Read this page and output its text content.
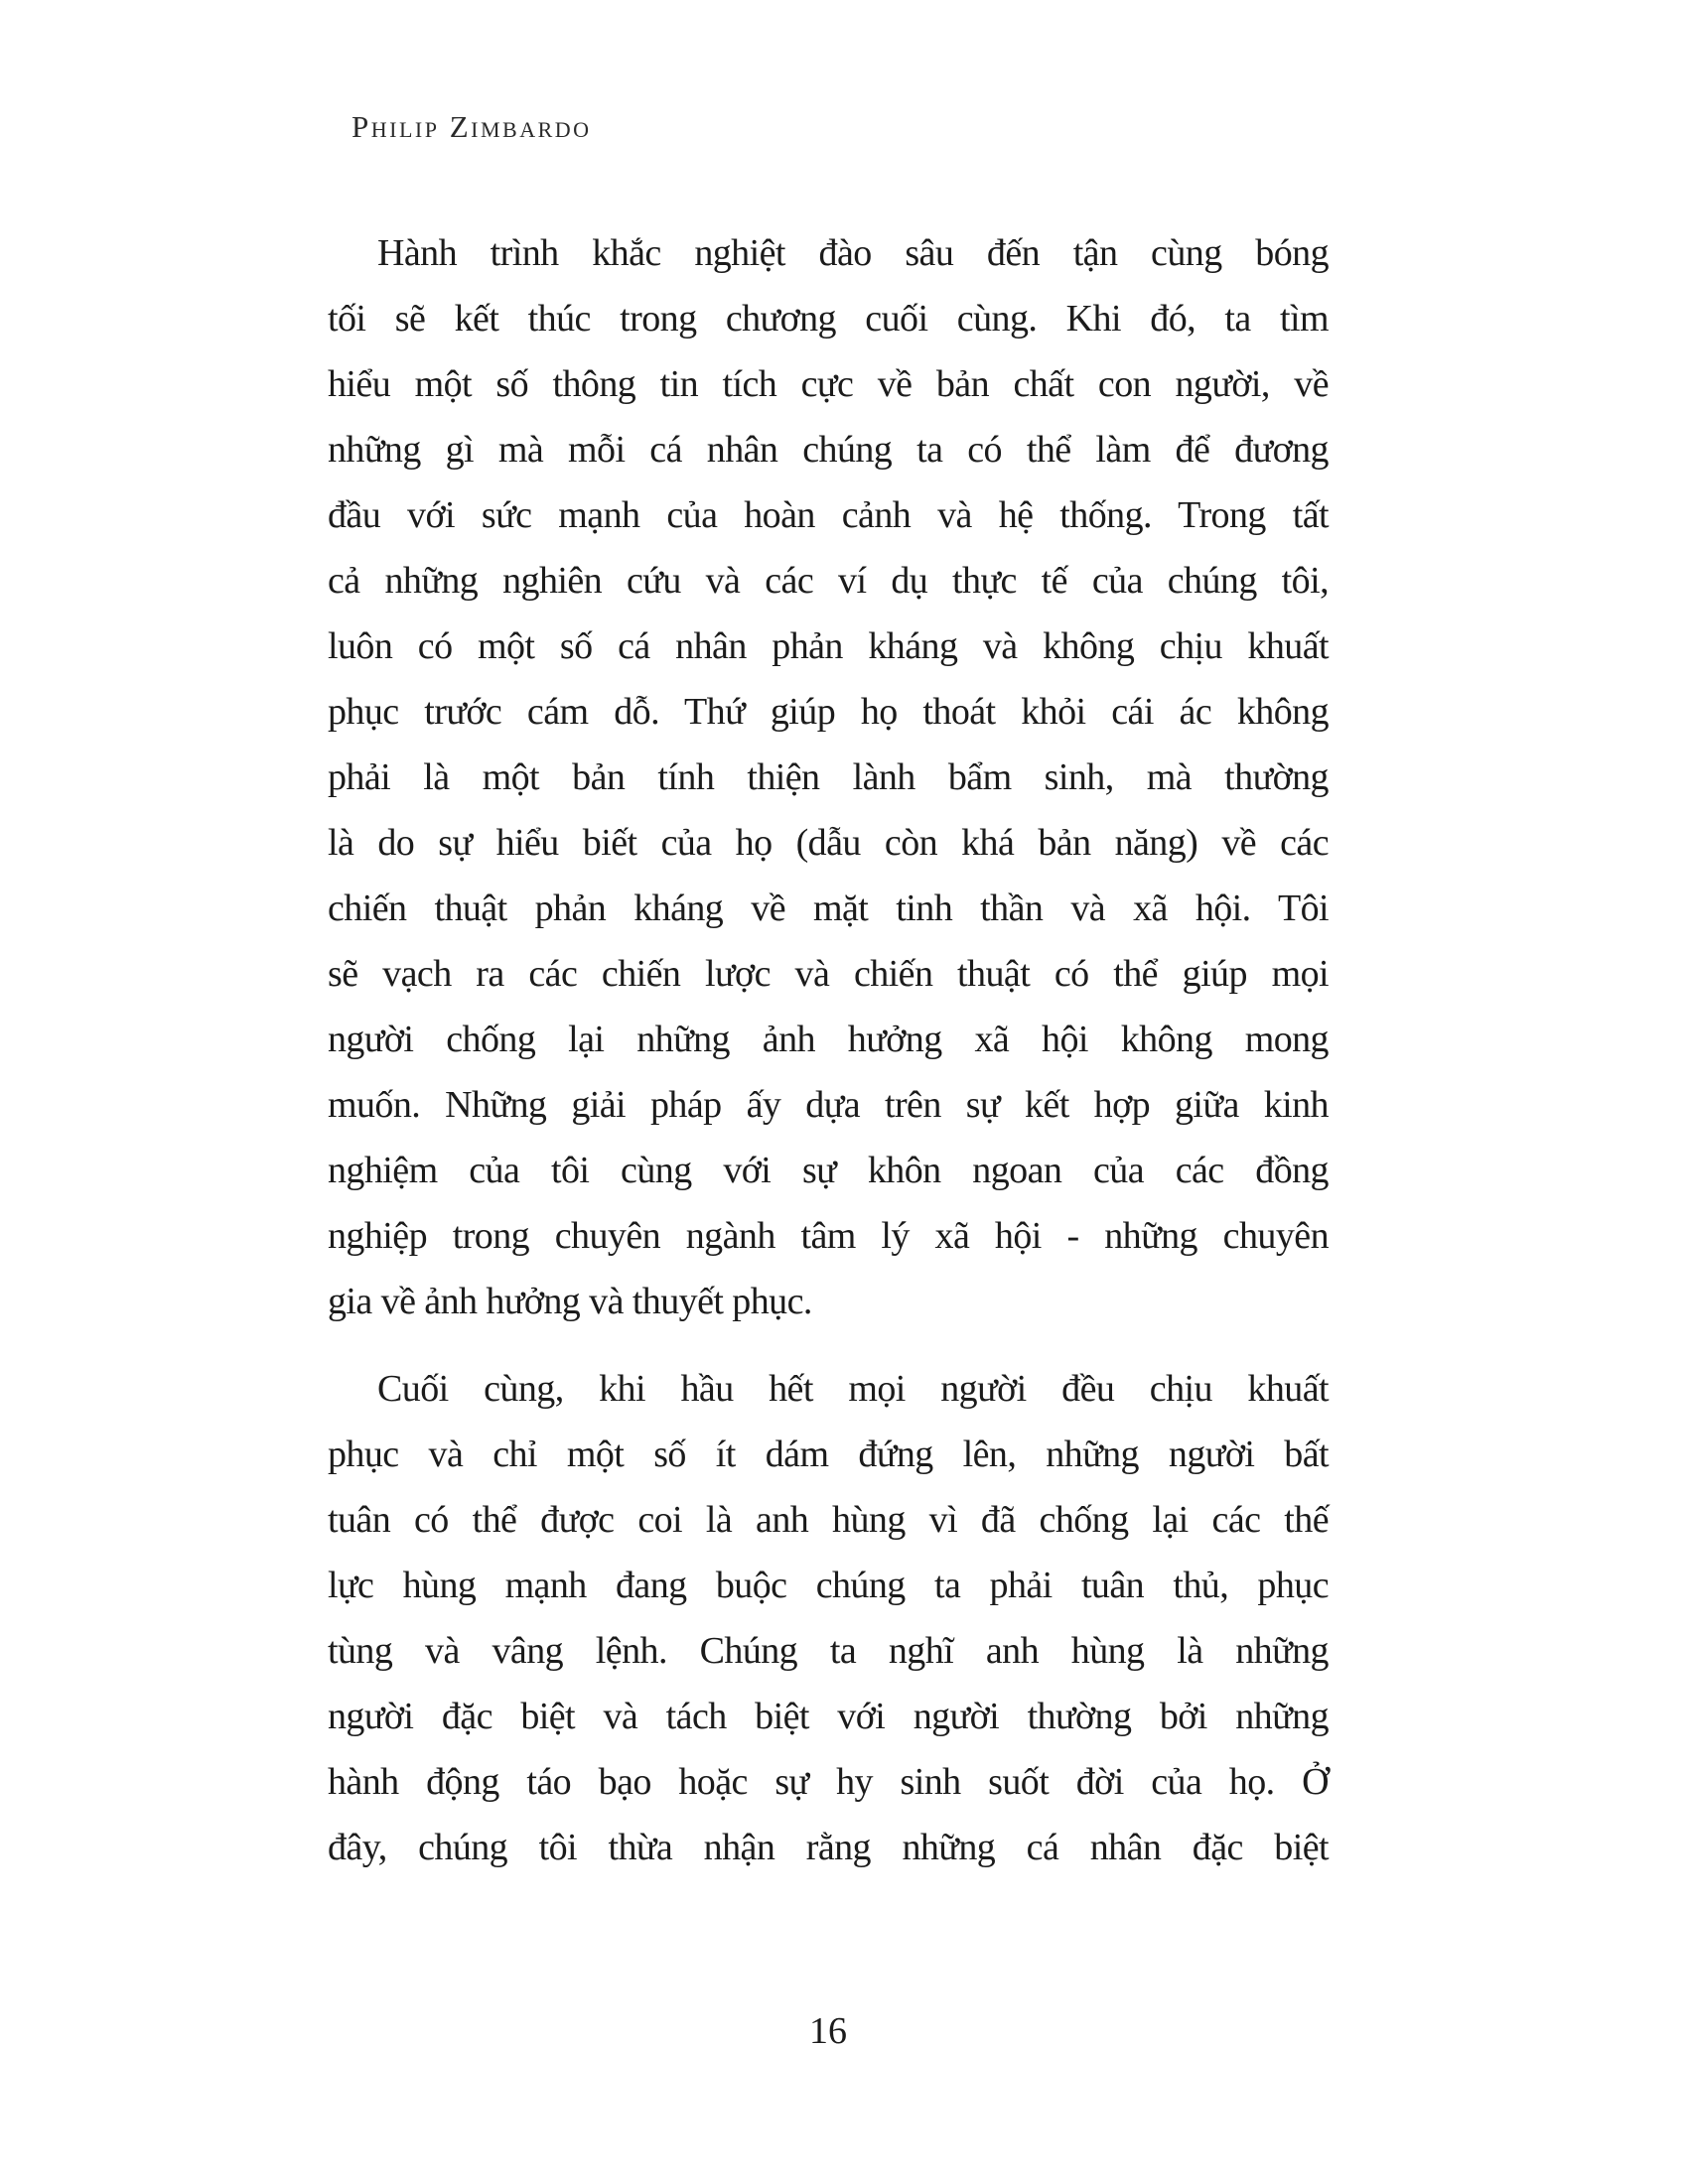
Philip Zimbardo
Hành trình khắc nghiệt đào sâu đến tận cùng bóng
tối sẽ kết thúc trong chương cuối cùng. Khi đó, ta tìm
hiểu một số thông tin tích cực về bản chất con người, về
những gì mà mỗi cá nhân chúng ta có thể làm để đương
đầu với sức mạnh của hoàn cảnh và hệ thống. Trong tất
cả những nghiên cứu và các ví dụ thực tế của chúng tôi,
luôn có một số cá nhân phản kháng và không chịu khuất
phục trước cám dỗ. Thứ giúp họ thoát khỏi cái ác không
phải là một bản tính thiện lành bẩm sinh, mà thường
là do sự hiểu biết của họ (dẫu còn khá bản năng) về các
chiến thuật phản kháng về mặt tinh thần và xã hội. Tôi
sẽ vạch ra các chiến lược và chiến thuật có thể giúp mọi
người chống lại những ảnh hưởng xã hội không mong
muốn. Những giải pháp ấy dựa trên sự kết hợp giữa kinh
nghiệm của tôi cùng với sự khôn ngoan của các đồng
nghiệp trong chuyên ngành tâm lý xã hội - những chuyên
gia về ảnh hưởng và thuyết phục.
Cuối cùng, khi hầu hết mọi người đều chịu khuất
phục và chỉ một số ít dám đứng lên, những người bất
tuân có thể được coi là anh hùng vì đã chống lại các thế
lực hùng mạnh đang buộc chúng ta phải tuân thủ, phục
tùng và vâng lệnh. Chúng ta nghĩ anh hùng là những
người đặc biệt và tách biệt với người thường bởi những
hành động táo bạo hoặc sự hy sinh suốt đời của họ. Ở
đây, chúng tôi thừa nhận rằng những cá nhân đặc biệt
16
